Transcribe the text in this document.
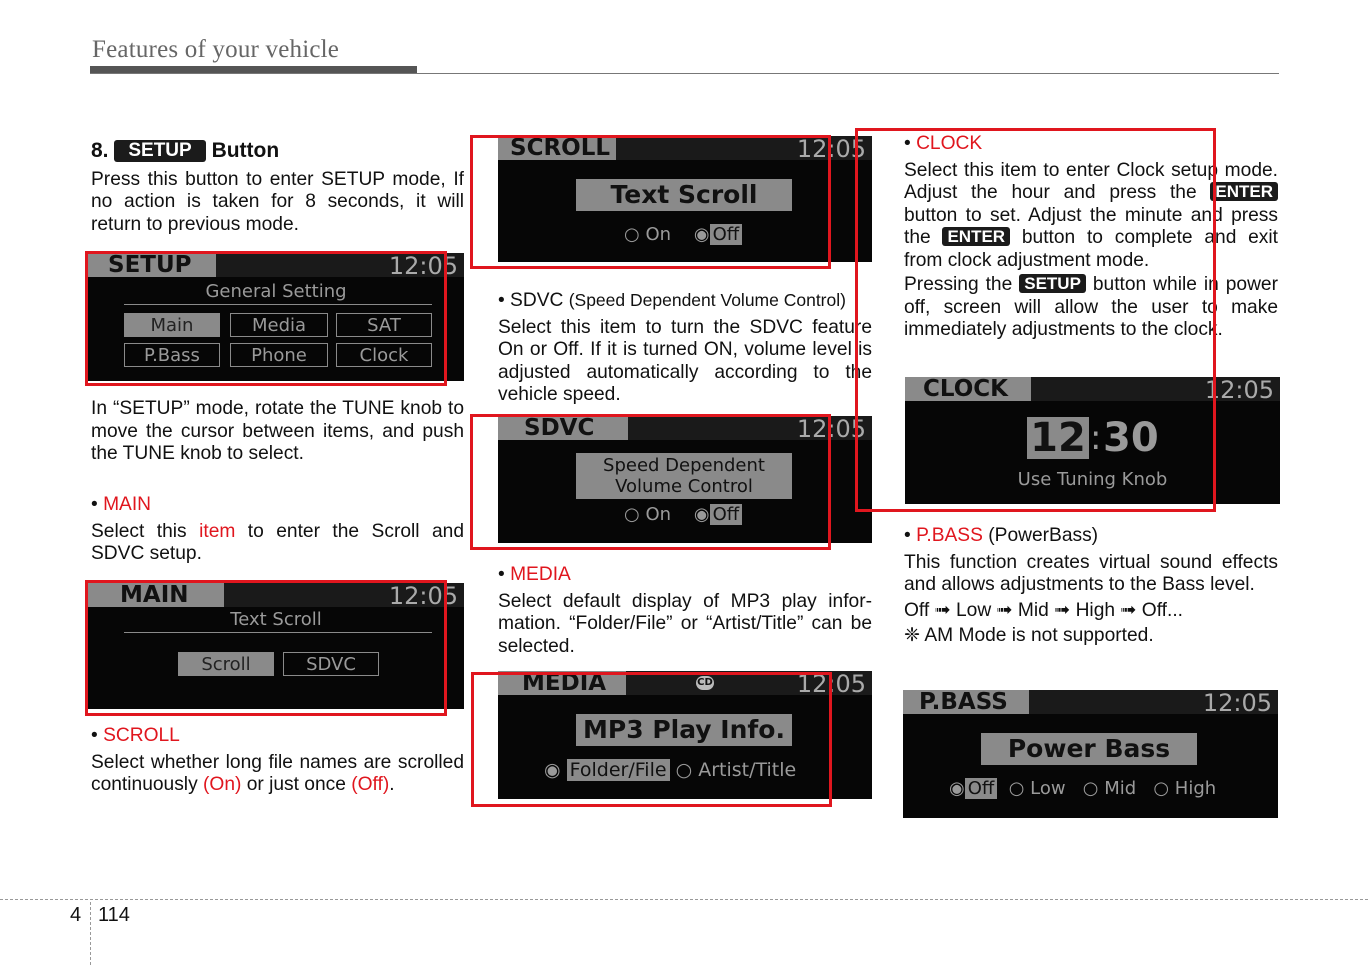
Features of your vehicle
8. SETUP Button

Press this button to enter SETUP mode, If no action is taken for 8 seconds, it will return to previous mode.

SETUP	12:05
General Setting
Main	Media	SAT
P.Bass	Phone	Clock

In “SETUP” mode, rotate the TUNE knob to move the cursor between items, and push the TUNE knob to select.

• MAIN

Select this item to enter the Scroll and SDVC setup.

MAIN	12:05
Text Scroll
Scroll	SDVC
• SCROLL

Select whether long file names are scrolled continuously (On) or just once (Off).

SCROLL	12:05
Text Scroll
○ On    ◉ Off
• SDVC (Speed Dependent Volume Control)

Select this item to turn the SDVC feature On or Off. If it is turned ON, volume level is adjusted automatically according to the vehicle speed.

SDVC	12:05
Speed Dependent
Volume Control
○ On    ◉ Off
• MEDIA

Select default display of MP3 play infor-mation. “Folder/File” or “Artist/Title” can be selected.

MEDIA	CD	12:05
MP3 Play Info.
◉ Folder/File ○ Artist/Title
• CLOCK

Select this item to enter Clock setup mode. Adjust the hour and press the ENTER button to set. Adjust the minute and press the ENTER button to complete and exit from clock adjustment mode.

Pressing the SETUP button while in power off, screen will allow the user to make immediately adjustments to the clock.

CLOCK	12:05
12 : 30
Use Tuning Knob
• P.BASS (PowerBass)

This function creates virtual sound effects and allows adjustments to the Bass level.

Off ➟ Low ➟ Mid ➟ High ➟ Off...

❈ AM Mode is not supported.

P.BASS	12:05
Power Bass
◉ Off  ○ Low   ○ Mid   ○ High
4 114
